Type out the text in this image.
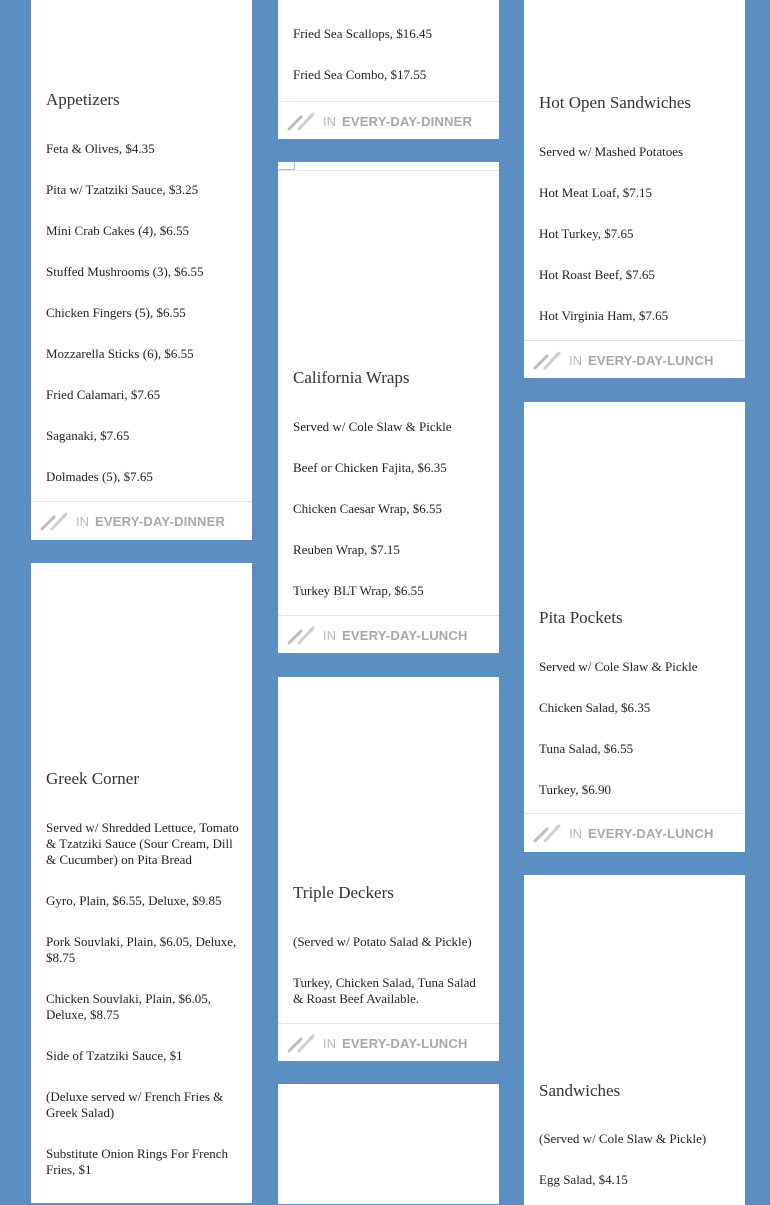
Appetizers

Feta & Olives, $4.35

Pita w/ Tzatziki Sauce, $3.25

Mini Crab Cakes (4), $6.55

Stuffed Mushrooms (3), $6.55

Chicken Fingers (5), $6.55

Mozzarella Sticks (6), $6.55

Fried Calamari, $7.65

Saganaki, $7.65

Dolmades (5), $7.65

IN EVERY-DAY-DINNER
Greek Corner

Served w/ Shredded Lettuce, Tomato & Tzatziki Sauce (Sour Cream, Dill & Cucumber) on Pita Bread

Gyro, Plain, $6.55, Deluxe, $9.85

Pork Souvlaki, Plain, $6.05, Deluxe, $8.75

Chicken Souvlaki, Plain, $6.05, Deluxe, $8.75

Side of Tzatziki Sauce, $1

(Deluxe served w/ French Fries & Greek Salad)

Substitute Onion Rings For French Fries, $1

Fried Sea Scallops, $16.45

Fried Sea Combo, $17.55

IN EVERY-DAY-DINNER
California Wraps

Served w/ Cole Slaw & Pickle

Beef or Chicken Fajita, $6.35

Chicken Caesar Wrap, $6.55

Reuben Wrap, $7.15

Turkey BLT Wrap, $6.55

IN EVERY-DAY-LUNCH
Triple Deckers

(Served w/ Potato Salad & Pickle)

Turkey, Chicken Salad, Tuna Salad & Roast Beef Available.

IN EVERY-DAY-LUNCH
Hot Open Sandwiches

Served w/ Mashed Potatoes

Hot Meat Loaf, $7.15

Hot Turkey, $7.65

Hot Roast Beef, $7.65

Hot Virginia Ham, $7.65

IN EVERY-DAY-LUNCH
Pita Pockets

Served w/ Cole Slaw & Pickle

Chicken Salad, $6.35

Tuna Salad, $6.55

Turkey, $6.90

IN EVERY-DAY-LUNCH
Sandwiches

(Served w/ Cole Slaw & Pickle)

Egg Salad, $4.15
